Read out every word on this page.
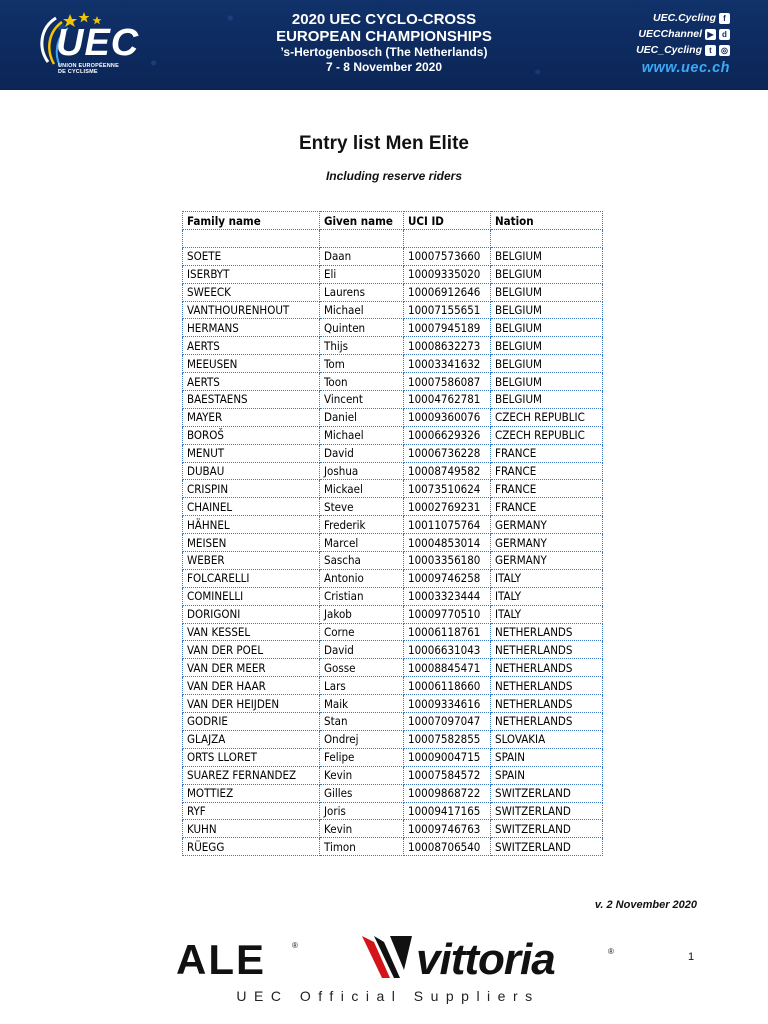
UEC
UNION EUROPÉENNE DE CYCLISME
2020 UEC CYCLO-CROSS
EUROPEAN CHAMPIONSHIPS
’s-Hertogenbosch (The Netherlands)
7 - 8 November 2020
UEC.Cycling f
UECChannel ▶	d
UEC_Cycling t	◎
www.uec.ch
Entry list Men Elite
Including reserve riders
Family name	Given name	UCI ID	Nation

SOETE	Daan	10007573660	BELGIUM
ISERBYT	Eli	10009335020	BELGIUM
SWEECK	Laurens	10006912646	BELGIUM
VANTHOURENHOUT	Michael	10007155651	BELGIUM
HERMANS	Quinten	10007945189	BELGIUM
AERTS	Thijs	10008632273	BELGIUM
MEEUSEN	Tom	10003341632	BELGIUM
AERTS	Toon	10007586087	BELGIUM
BAESTAENS	Vincent	10004762781	BELGIUM
MAYER	Daniel	10009360076	CZECH REPUBLIC
BOROŠ	Michael	10006629326	CZECH REPUBLIC
MENUT	David	10006736228	FRANCE
DUBAU	Joshua	10008749582	FRANCE
CRISPIN	Mickael	10073510624	FRANCE
CHAINEL	Steve	10002769231	FRANCE
HÄHNEL	Frederik	10011075764	GERMANY
MEISEN	Marcel	10004853014	GERMANY
WEBER	Sascha	10003356180	GERMANY
FOLCARELLI	Antonio	10009746258	ITALY
COMINELLI	Cristian	10003323444	ITALY
DORIGONI	Jakob	10009770510	ITALY
VAN KESSEL	Corne	10006118761	NETHERLANDS
VAN DER POEL	David	10006631043	NETHERLANDS
VAN DER MEER	Gosse	10008845471	NETHERLANDS
VAN DER HAAR	Lars	10006118660	NETHERLANDS
VAN DER HEIJDEN	Maik	10009334616	NETHERLANDS
GODRIE	Stan	10007097047	NETHERLANDS
GLAJZA	Ondrej	10007582855	SLOVAKIA
ORTS LLORET	Felipe	10009004715	SPAIN
SUAREZ FERNANDEZ	Kevin	10007584572	SPAIN
MOTTIEZ	Gilles	10009868722	SWITZERLAND
RYF	Joris	10009417165	SWITZERLAND
KUHN	Kevin	10009746763	SWITZERLAND
RÜEGG	Timon	10008706540	SWITZERLAND
v. 2 November 2020
1
ALE	®	vittoria	®
UEC Official Suppliers
